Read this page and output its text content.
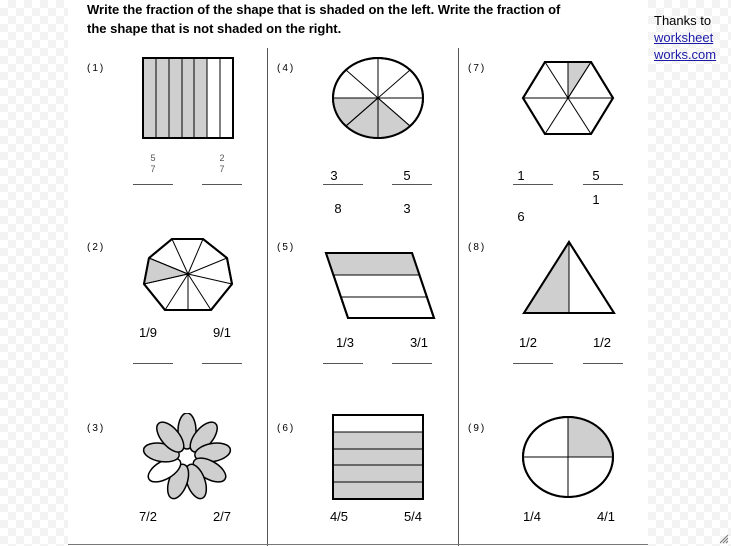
Write the fraction of the shape that is shaded on the left. Write the fraction of
the shape that is not shaded on the right.

Thanks to
worksheet
works.com
(1)
5
7
2
7
(2)
1/9	9/1
(3)
7/2	2/7
(4)
3
8
5
3
(5)
1/3	3/1
(6)
4/5	5/4
(7)
1
6
5
1
(8)
1/2	1/2
(9)
1/4	4/1
